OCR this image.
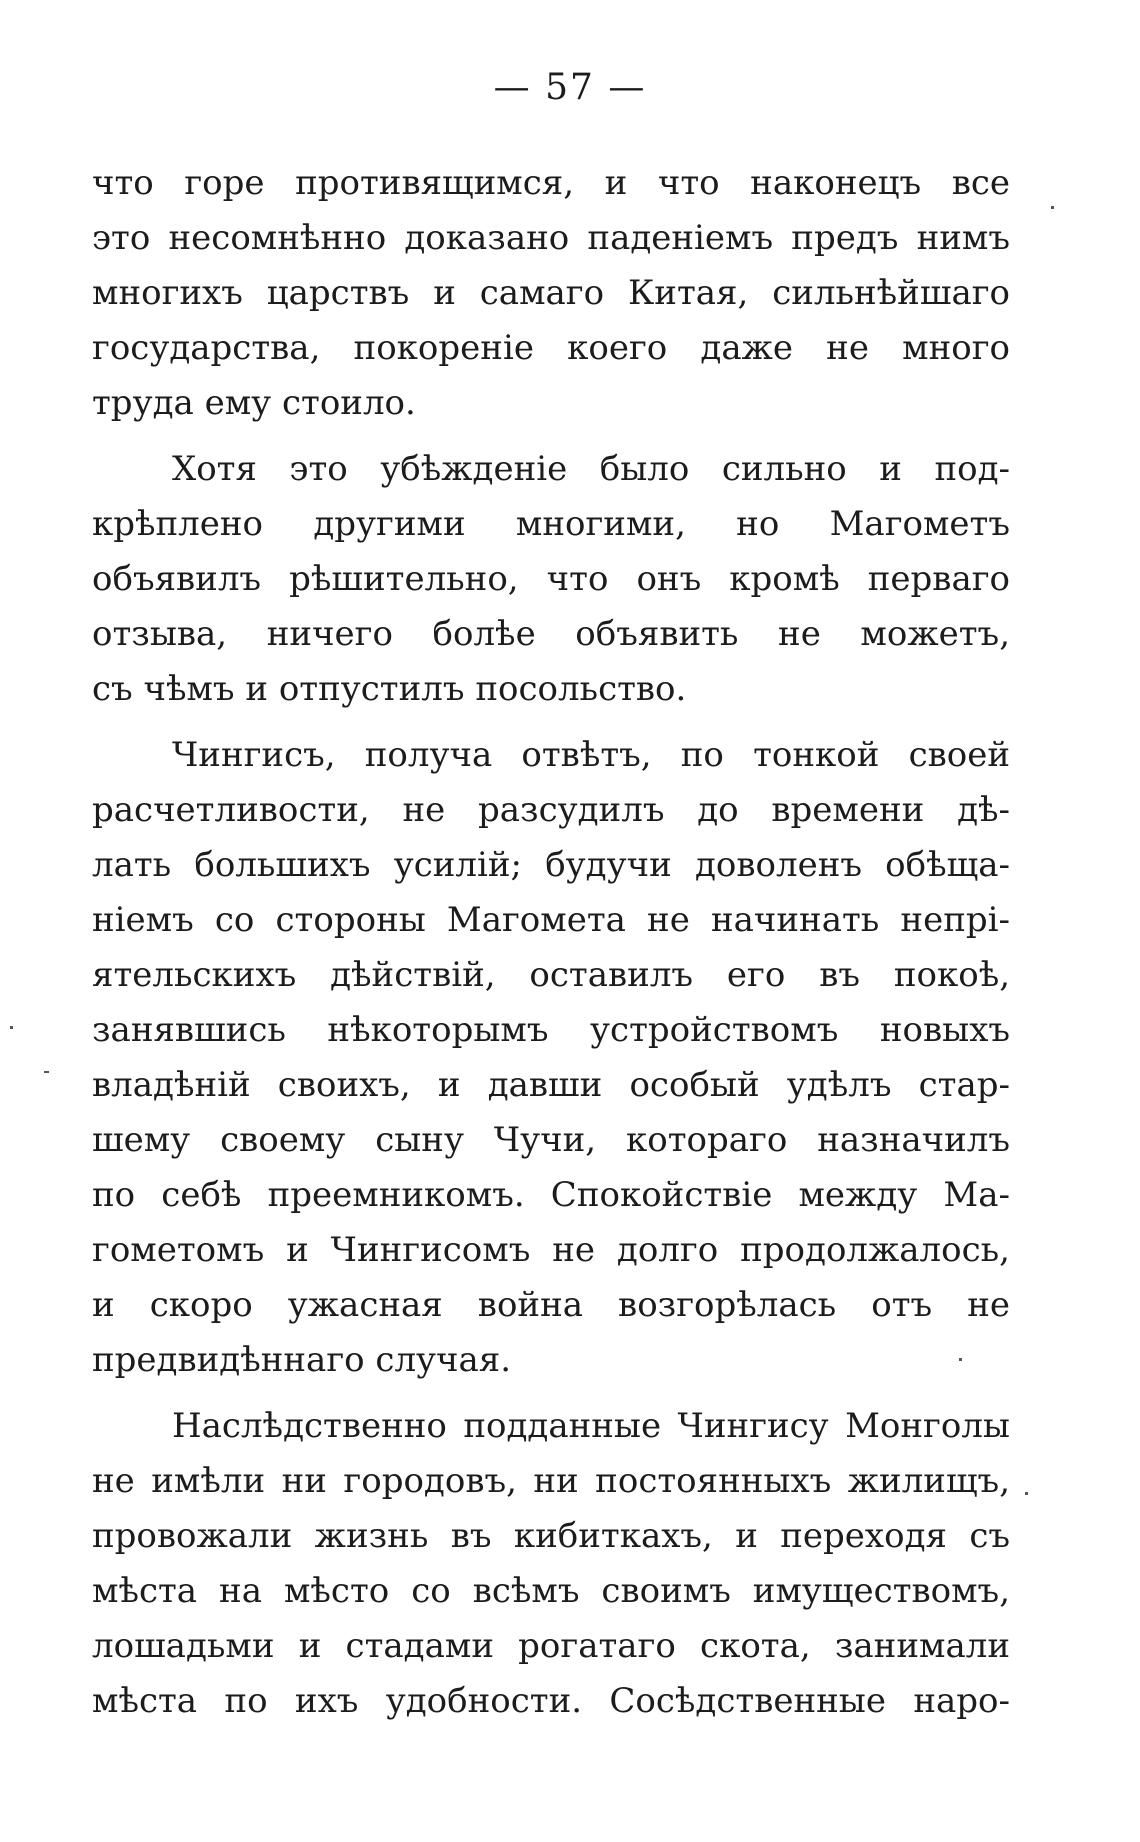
— 57 —
что горе противящимся, и что наконецъ все
это несомнѣнно доказано паденіемъ предъ нимъ
многихъ царствъ и самаго Китая, сильнѣйшаго
государства, покореніе коего даже не много
труда ему стоило.
Хотя это убѣжденіе было сильно и под-
крѣплено другими многими, но Магометъ
объявилъ рѣшительно, что онъ кромѣ перваго
отзыва, ничего болѣе объявить не можетъ,
съ чѣмъ и отпустилъ посольство.
Чингисъ, получа отвѣтъ, по тонкой своей
расчетливости, не разсудилъ до времени дѣ-
лать большихъ усилій; будучи доволенъ обѣща-
ніемъ со стороны Магомета не начинать непрі-
ятельскихъ дѣйствій, оставилъ его въ покоѣ,
занявшись нѣкоторымъ устройствомъ новыхъ
владѣній своихъ, и давши особый удѣлъ стар-
шему своему сыну Чучи, котораго назначилъ
по себѣ преемникомъ. Спокойствіе между Ма-
гометомъ и Чингисомъ не долго продолжалось,
и скоро ужасная война возгорѣлась отъ не
предвидѣннаго случая.
Наслѣдственно подданные Чингису Монголы
не имѣли ни городовъ, ни постоянныхъ жилищъ,
провожали жизнь въ кибиткахъ, и переходя съ
мѣста на мѣсто со всѣмъ своимъ имуществомъ,
лошадьми и стадами рогатаго скота, занимали
мѣста по ихъ удобности. Сосѣдственные наро-
